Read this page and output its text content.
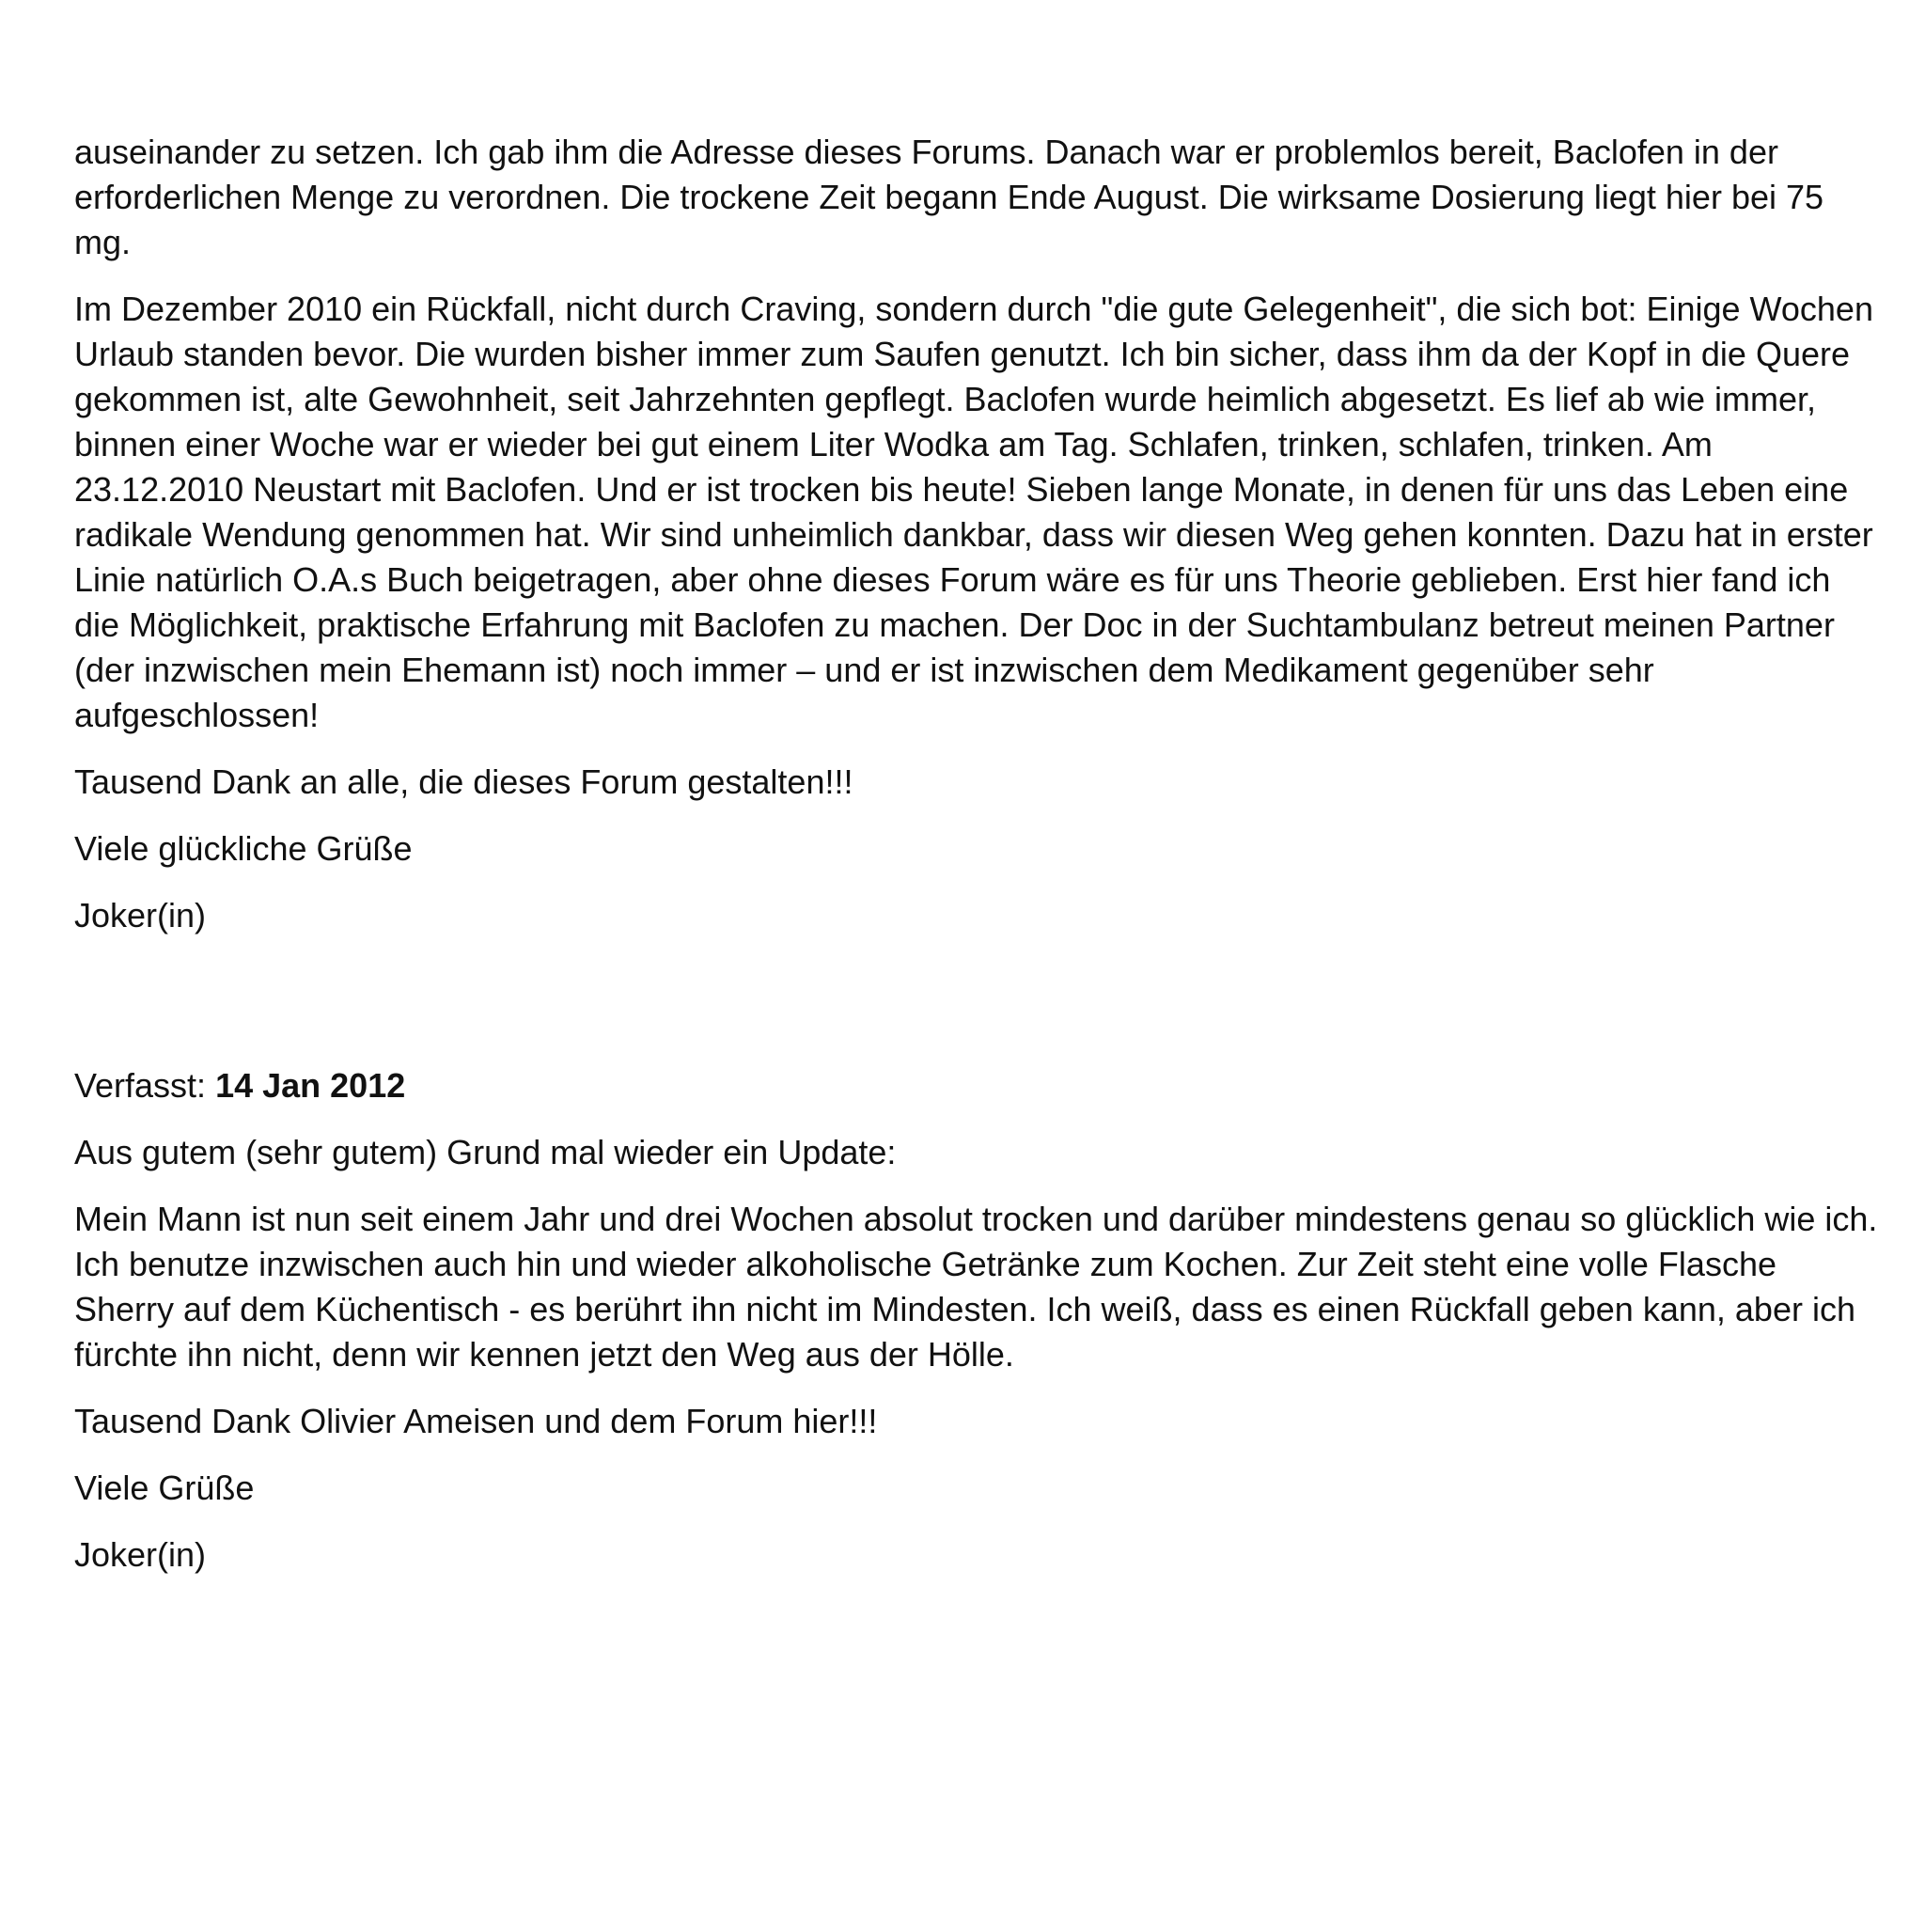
auseinander zu setzen. Ich gab ihm die Adresse dieses Forums. Danach war er problemlos bereit, Baclofen in der erforderlichen Menge zu verordnen. Die trockene Zeit begann Ende August. Die wirksame Dosierung liegt hier bei 75 mg.

Im Dezember 2010 ein Rückfall, nicht durch Craving, sondern durch "die gute Gelegenheit", die sich bot: Einige Wochen Urlaub standen bevor. Die wurden bisher immer zum Saufen genutzt. Ich bin sicher, dass ihm da der Kopf in die Quere gekommen ist, alte Gewohnheit, seit Jahrzehnten gepflegt. Baclofen wurde heimlich abgesetzt. Es lief ab wie immer, binnen einer Woche war er wieder bei gut einem Liter Wodka am Tag. Schlafen, trinken, schlafen, trinken. Am 23.12.2010 Neustart mit Baclofen. Und er ist trocken bis heute! Sieben lange Monate, in denen für uns das Leben eine radikale Wendung genommen hat. Wir sind unheimlich dankbar, dass wir diesen Weg gehen konnten. Dazu hat in erster Linie natürlich O.A.s Buch beigetragen, aber ohne dieses Forum wäre es für uns Theorie geblieben. Erst hier fand ich die Möglichkeit, praktische Erfahrung mit Baclofen zu machen. Der Doc in der Suchtambulanz betreut meinen Partner (der inzwischen mein Ehemann ist) noch immer – und er ist inzwischen dem Medikament gegenüber sehr aufgeschlossen!

Tausend Dank an alle, die dieses Forum gestalten!!!

Viele glückliche Grüße

Joker(in)

Verfasst: 14 Jan 2012

Aus gutem (sehr gutem) Grund mal wieder ein Update:

Mein Mann ist nun seit einem Jahr und drei Wochen absolut trocken und darüber mindestens genau so glücklich wie ich. Ich benutze inzwischen auch hin und wieder alkoholische Getränke zum Kochen. Zur Zeit steht eine volle Flasche Sherry auf dem Küchentisch - es berührt ihn nicht im Mindesten. Ich weiß, dass es einen Rückfall geben kann, aber ich fürchte ihn nicht, denn wir kennen jetzt den Weg aus der Hölle.

Tausend Dank Olivier Ameisen und dem Forum hier!!!

Viele Grüße

Joker(in)
